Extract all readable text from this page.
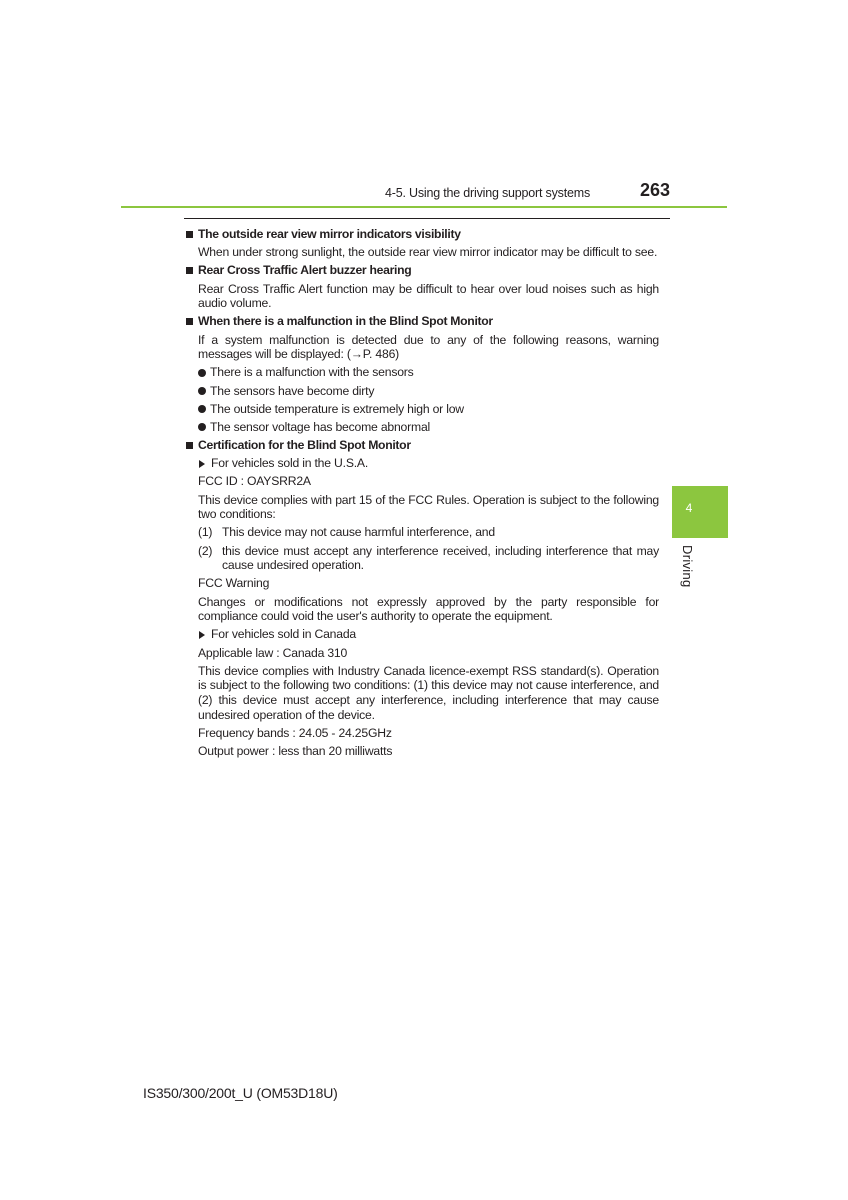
4-5. Using the driving support systems	263
The outside rear view mirror indicators visibility
When under strong sunlight, the outside rear view mirror indicator may be difficult to see.
Rear Cross Traffic Alert buzzer hearing
Rear Cross Traffic Alert function may be difficult to hear over loud noises such as high audio volume.
When there is a malfunction in the Blind Spot Monitor
If a system malfunction is detected due to any of the following reasons, warning messages will be displayed: (→P. 486)
There is a malfunction with the sensors
The sensors have become dirty
The outside temperature is extremely high or low
The sensor voltage has become abnormal
Certification for the Blind Spot Monitor
For vehicles sold in the U.S.A.
FCC ID : OAYSRR2A
This device complies with part 15 of the FCC Rules. Operation is subject to the following two conditions:
(1) This device may not cause harmful interference, and
(2) this device must accept any interference received, including interference that may cause undesired operation.
FCC Warning
Changes or modifications not expressly approved by the party responsible for compliance could void the user's authority to operate the equipment.
For vehicles sold in Canada
Applicable law : Canada 310
This device complies with Industry Canada licence-exempt RSS standard(s). Operation is subject to the following two conditions: (1) this device may not cause interference, and (2) this device must accept any interference, including interference that may cause undesired operation of the device.
Frequency bands : 24.05 - 24.25GHz
Output power : less than 20 milliwatts
4
Driving
IS350/300/200t_U (OM53D18U)
